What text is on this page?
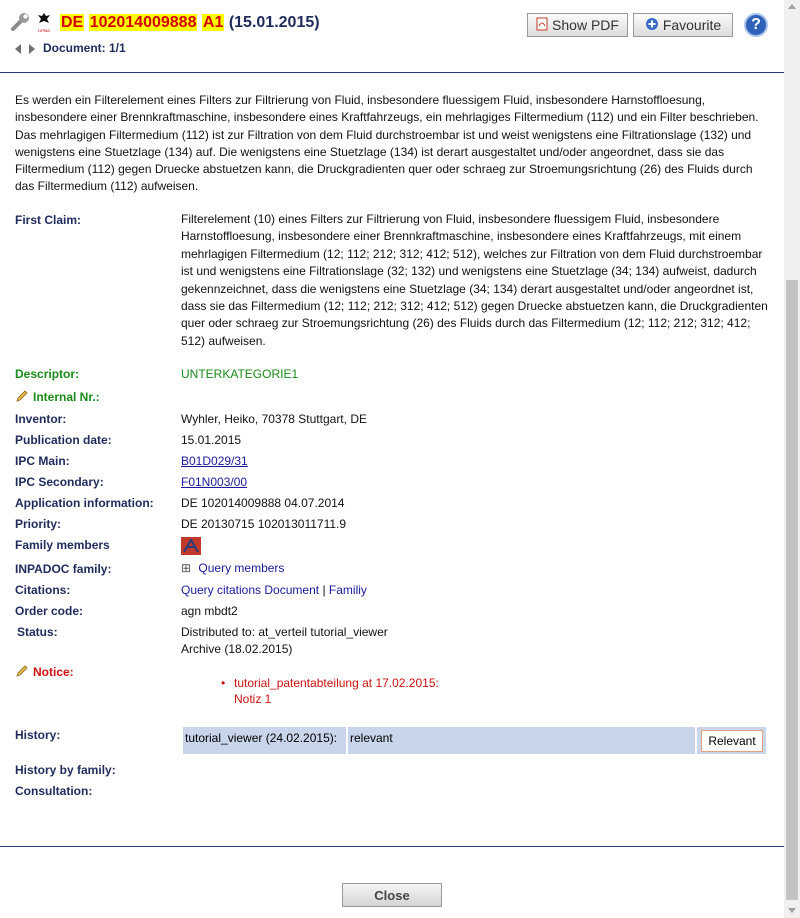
DPMA DE 102014009888 A1 (15.01.2015)
Document: 1/1
Show PDF	Favourite ?
Es werden ein Filterelement eines Filters zur Filtrierung von Fluid, insbesondere fluessigem Fluid, insbesondere Harnstoffloesung, insbesondere einer Brennkraftmaschine, insbesondere eines Kraftfahrzeugs, ein mehrlagiges Filtermedium (112) und ein Filter beschrieben. Das mehrlagigen Filtermedium (112) ist zur Filtration von dem Fluid durchstroembar ist und weist wenigstens eine Filtrationslage (132) und wenigstens eine Stuetzlage (134) auf. Die wenigstens eine Stuetzlage (134) ist derart ausgestaltet und/oder angeordnet, dass sie das Filtermedium (112) gegen Druecke abstuetzen kann, die Druckgradienten quer oder schraeg zur Stroemungsrichtung (26) des Fluids durch das Filtermedium (112) aufweisen.
First Claim:	Filterelement (10) eines Filters zur Filtrierung von Fluid, insbesondere fluessigem Fluid, insbesondere Harnstoffloesung, insbesondere einer Brennkraftmaschine, insbesondere eines Kraftfahrzeugs, mit einem mehrlagigen Filtermedium (12; 112; 212; 312; 412; 512), welches zur Filtration von dem Fluid durchstroembar ist und wenigstens eine Filtrationslage (32; 132) und wenigstens eine Stuetzlage (34; 134) aufweist, dadurch gekennzeichnet, dass die wenigstens eine Stuetzlage (34; 134) derart ausgestaltet und/oder angeordnet ist, dass sie das Filtermedium (12; 112; 212; 312; 412; 512) gegen Druecke abstuetzen kann, die Druckgradienten quer oder schraeg zur Stroemungsrichtung (26) des Fluids durch das Filtermedium (12; 112; 212; 312; 412; 512) aufweisen.
Descriptor:	UNTERKATEGORIE1
Internal Nr.:
Inventor:	Wyhler, Heiko, 70378 Stuttgart, DE
Publication date:	15.01.2015
IPC Main:	B01D029/31
IPC Secondary:	F01N003/00
Application information: DE 102014009888 04.07.2014
Priority:	DE 20130715 102013011711.9
Family members
INPADOC family:	⊞ Query members
Citations:	Query citations Document | Familiy
Order code:	agn mbdt2
Status:	Distributed to: at_verteil tutorial_viewer
Archive (18.02.2015)
Notice:
• tutorial_patentabteilung at 17.02.2015:
Notiz 1
History:	tutorial_viewer (24.02.2015): relevant	Relevant
History by family:
Consultation:
Close
